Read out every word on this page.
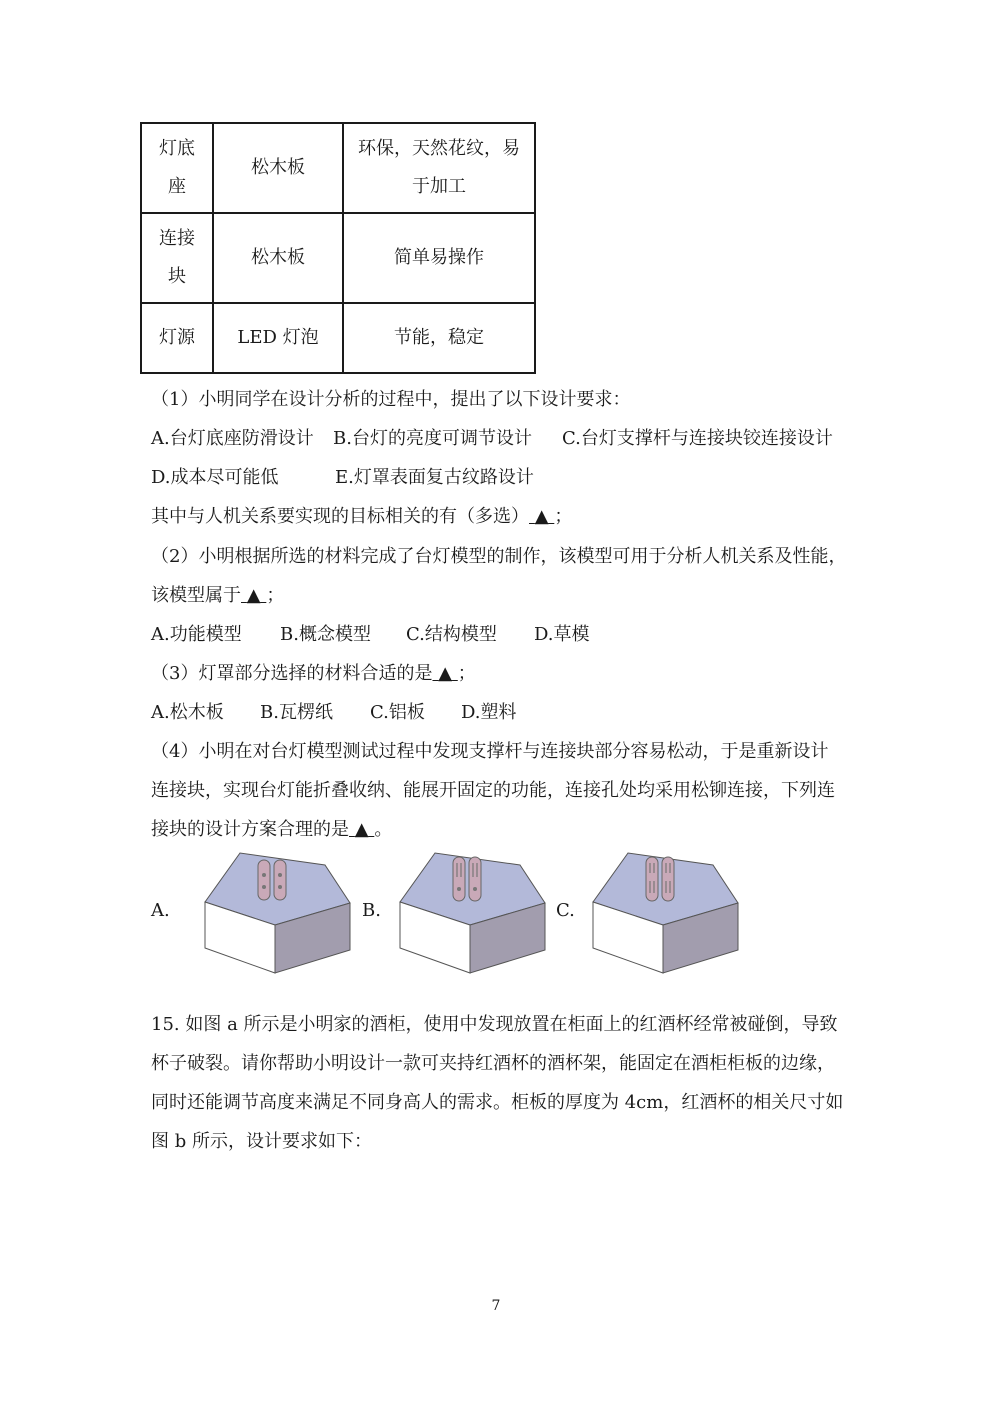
灯底
座	松木板	环保，天然花纹，易
于加工
连接
块	松木板	简单易操作
灯源	LED 灯泡	节能，稳定
（1）小明同学在设计分析的过程中，提出了以下设计要求：
A.台灯底座防滑设计 B.台灯的亮度可调节设计 C.台灯支撑杆与连接块铰连接设计
D.成本尽可能低	E.灯罩表面复古纹路设计
其中与人机关系要实现的目标相关的有（多选） ▲ ；
（2）小明根据所选的材料完成了台灯模型的制作，该模型可用于分析人机关系及性能，
该模型属于 ▲ ；
A.功能模型 B.概念模型 C.结构模型 D.草模
（3）灯罩部分选择的材料合适的是 ▲ ；
A.松木板 B.瓦楞纸 C.铝板 D.塑料
（4）小明在对台灯模型测试过程中发现支撑杆与连接块部分容易松动，于是重新设计
连接块，实现台灯能折叠收纳、能展开固定的功能，连接孔处均采用松铆连接，下列连
接块的设计方案合理的是 ▲ 。
A.	B.	C.
15. 如图 a 所示是小明家的酒柜，使用中发现放置在柜面上的红酒杯经常被碰倒，导致
杯子破裂。请你帮助小明设计一款可夹持红酒杯的酒杯架，能固定在酒柜柜板的边缘，
同时还能调节高度来满足不同身高人的需求。柜板的厚度为 4cm，红酒杯的相关尺寸如
图 b 所示，设计要求如下：
7
